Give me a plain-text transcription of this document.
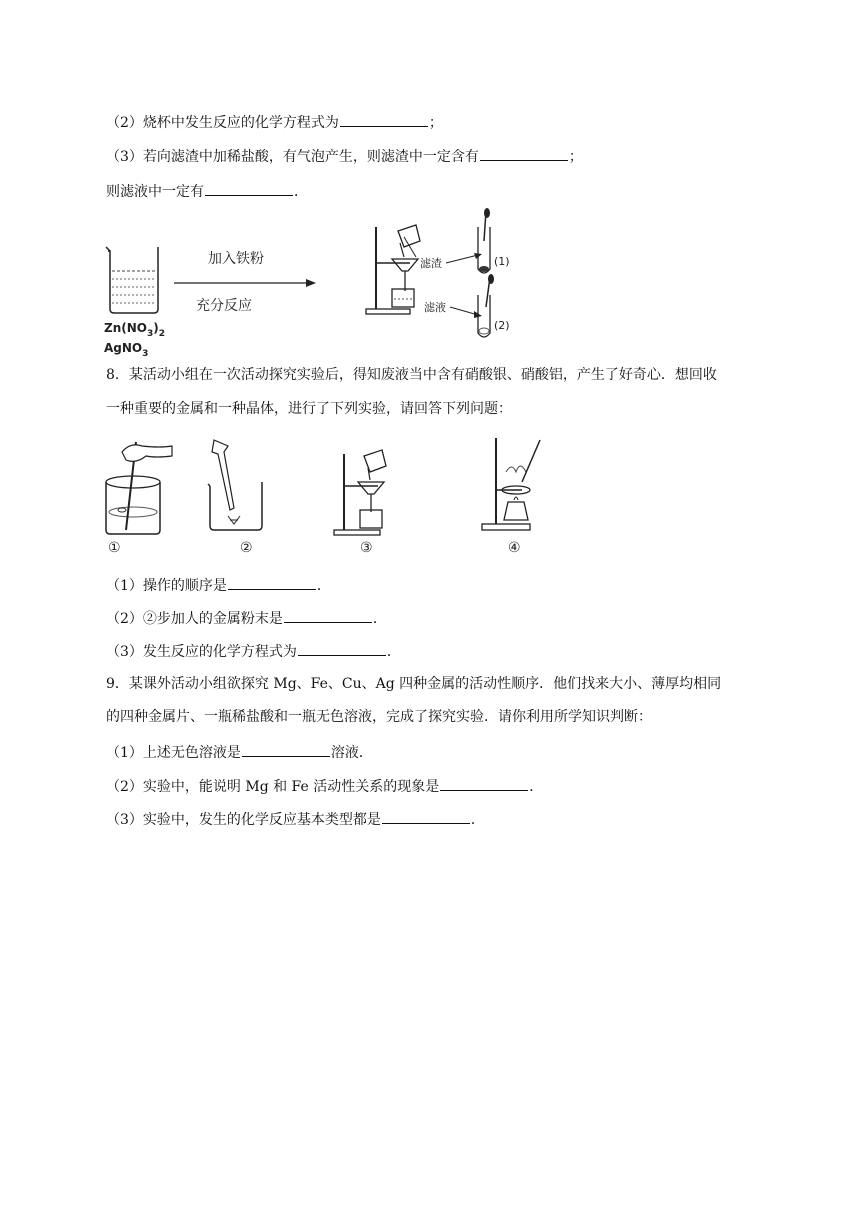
（2）烧杯中发生反应的化学方程式为	；
（3）若向滤渣中加稀盐酸，有气泡产生，则滤渣中一定含有	；
则滤液中一定有	．
$Zn(NO_3)_2$
AgNO$_3$
加入铁粉
充分反应
滤渣
滤液
(1)
(2)
8．某活动小组在一次活动探究实验后，得知废液当中含有硝酸银、硝酸铝，产生了好奇心．想回收
一种重要的金属和一种晶体，进行了下列实验，请回答下列问题：
①	②	③	④
（1）操作的顺序是	．
（2）②步加人的金属粉末是	．
（3）发生反应的化学方程式为	．
9．某课外活动小组欲探究 Mg、Fe、Cu、Ag 四种金属的活动性顺序．他们找来大小、薄厚均相同
的四种金属片、一瓶稀盐酸和一瓶无色溶液，完成了探究实验．请你利用所学知识判断：
（1）上述无色溶液是	溶液．
（2）实验中，能说明 Mg 和 Fe 活动性关系的现象是	．
（3）实验中，发生的化学反应基本类型都是	．
